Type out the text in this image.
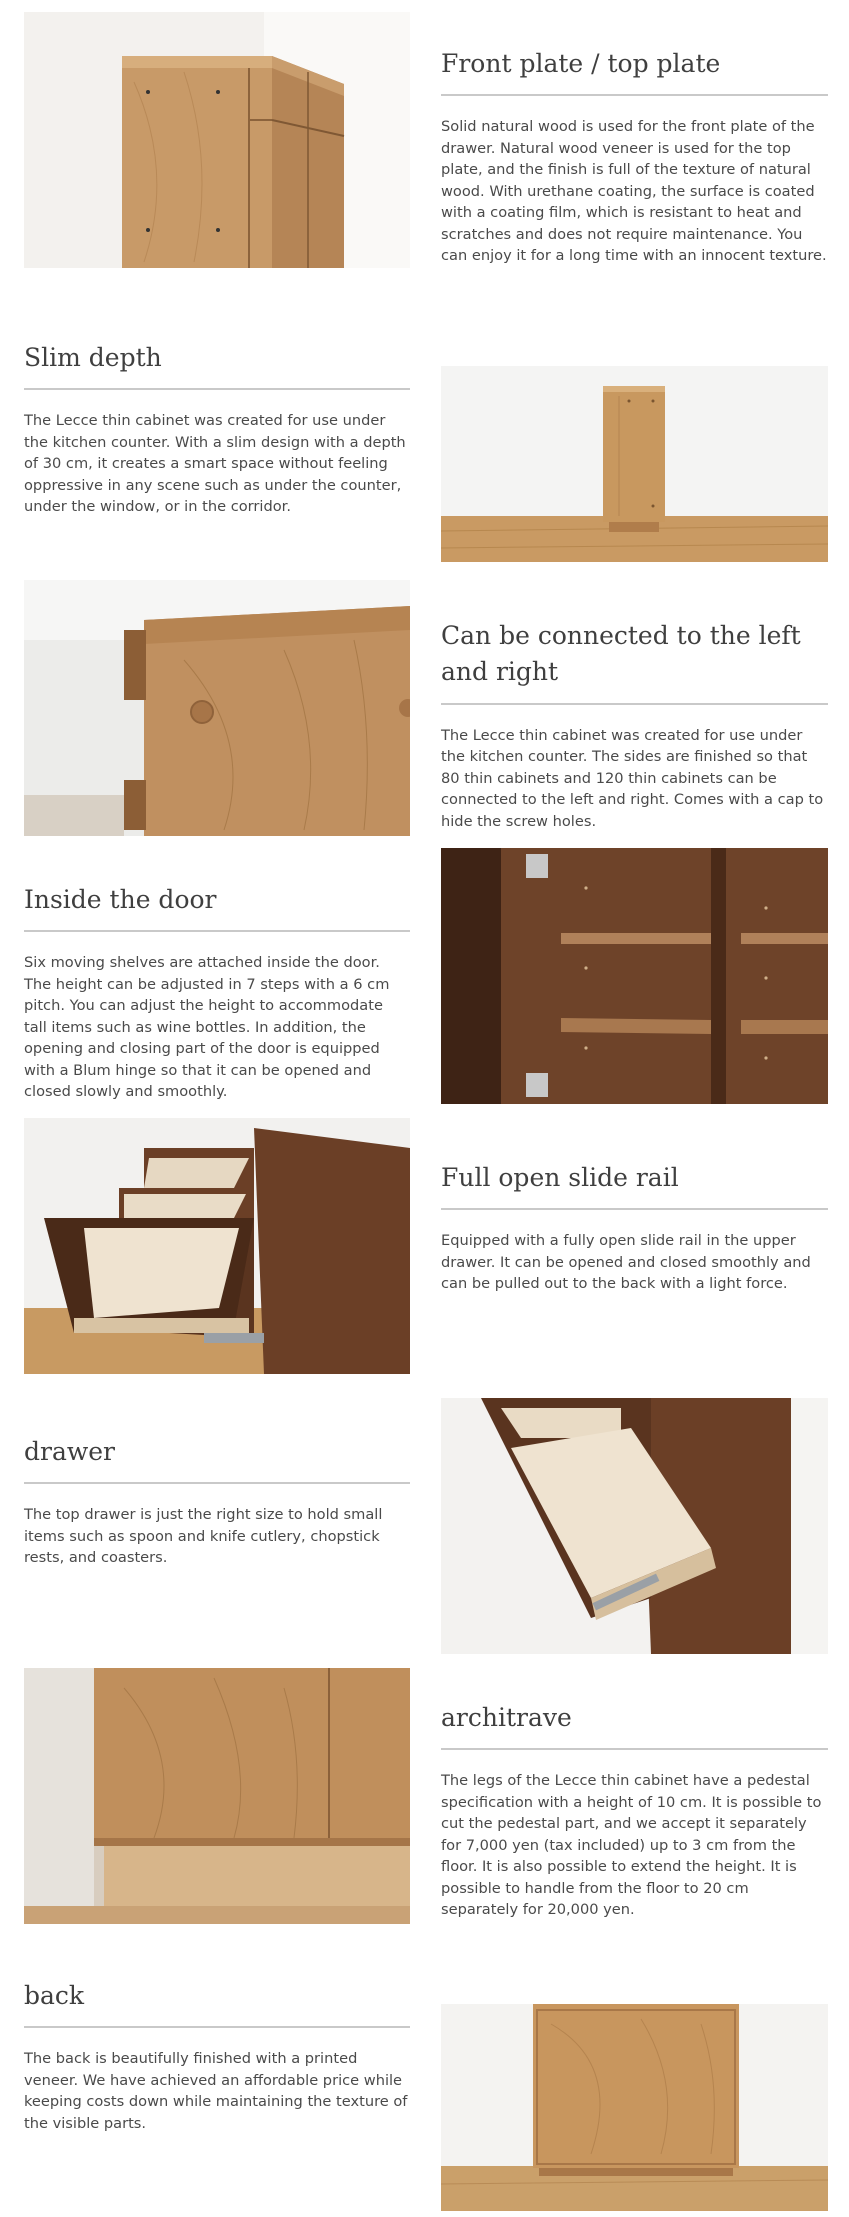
Front plate / top plate

Solid natural wood is used for the front plate of the drawer. Natural wood veneer is used for the top plate, and the finish is full of the texture of natural wood. With urethane coating, the surface is coated with a coating film, which is resistant to heat and scratches and does not require maintenance. You can enjoy it for a long time with an innocent texture.

Slim depth

The Lecce thin cabinet was created for use under the kitchen counter. With a slim design with a depth of 30 cm, it creates a smart space without feeling oppressive in any scene such as under the counter, under the window, or in the corridor.

Can be connected to the left and right

The Lecce thin cabinet was created for use under the kitchen counter. The sides are finished so that 80 thin cabinets and 120 thin cabinets can be connected to the left and right. Comes with a cap to hide the screw holes.

Inside the door

Six moving shelves are attached inside the door. The height can be adjusted in 7 steps with a 6 cm pitch. You can adjust the height to accommodate tall items such as wine bottles. In addition, the opening and closing part of the door is equipped with a Blum hinge so that it can be opened and closed slowly and smoothly.

Full open slide rail

Equipped with a fully open slide rail in the upper drawer. It can be opened and closed smoothly and can be pulled out to the back with a light force.

drawer

The top drawer is just the right size to hold small items such as spoon and knife cutlery, chopstick rests, and coasters.

architrave

The legs of the Lecce thin cabinet have a pedestal specification with a height of 10 cm. It is possible to cut the pedestal part, and we accept it separately for 7,000 yen (tax included) up to 3 cm from the floor. It is also possible to extend the height. It is possible to handle from the floor to 20 cm separately for 20,000 yen.

back

The back is beautifully finished with a printed veneer. We have achieved an affordable price while keeping costs down while maintaining the texture of the visible parts.
